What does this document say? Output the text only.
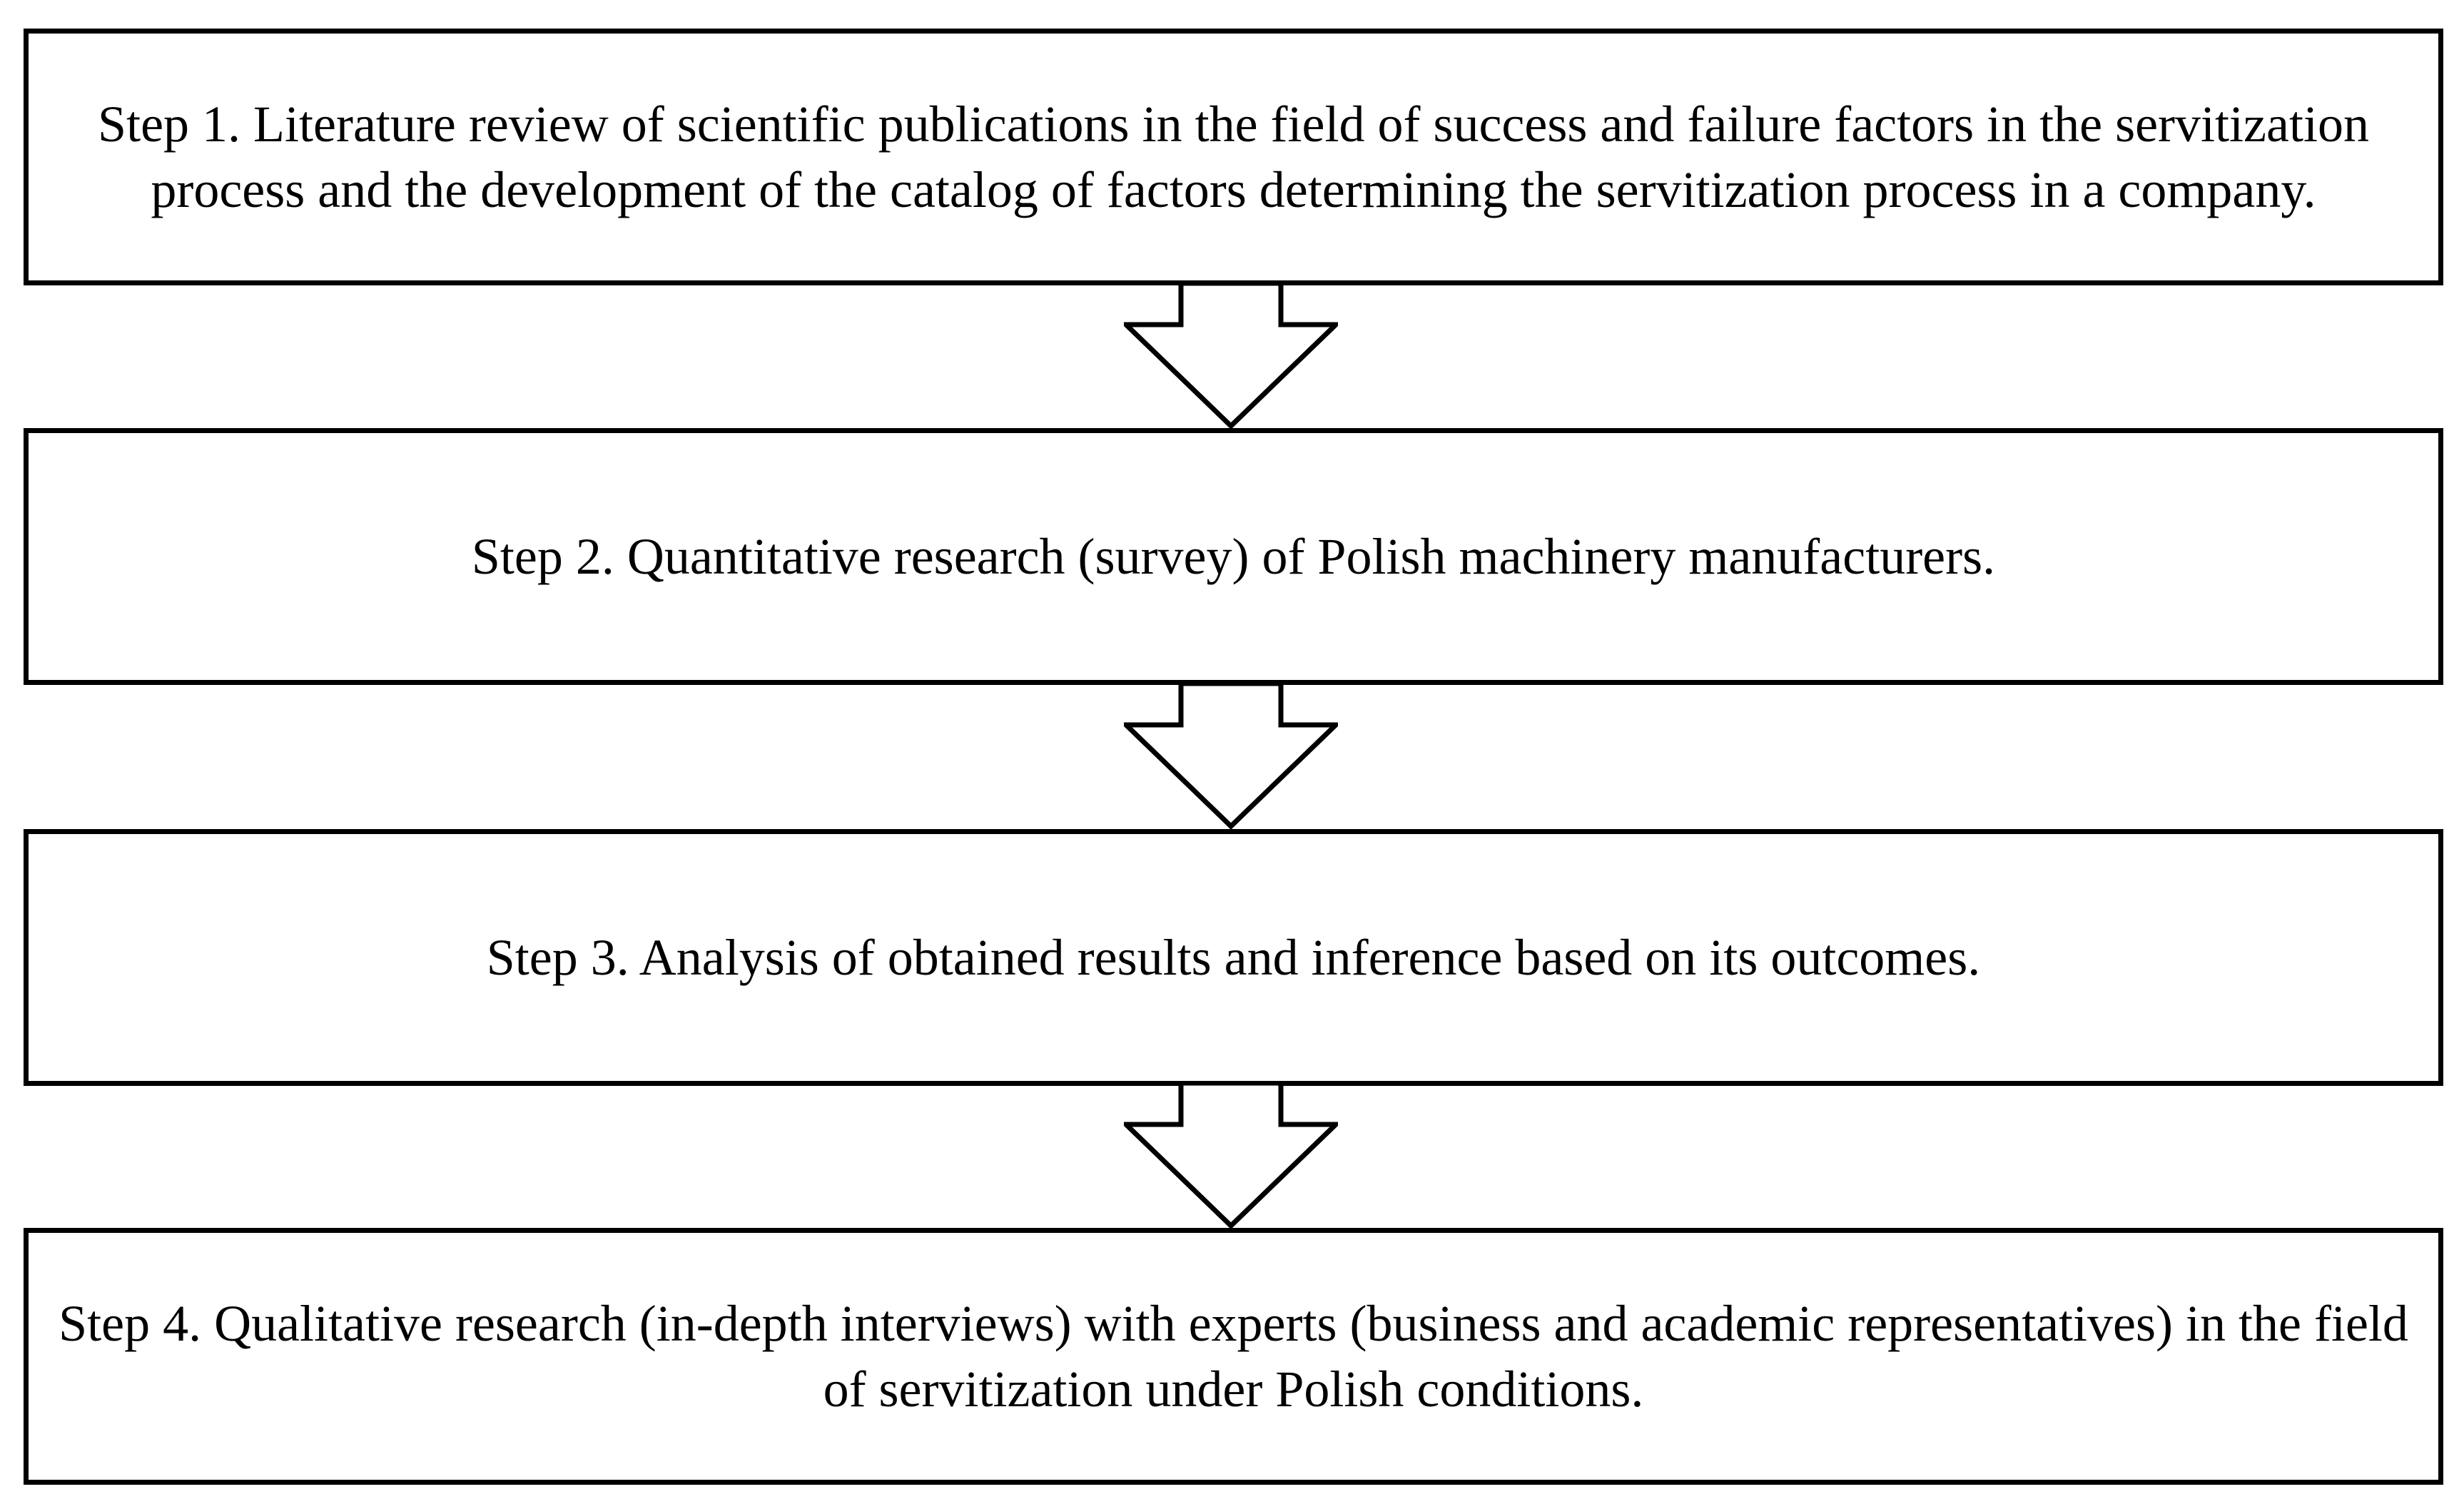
Step 1. Literature review of scientific publications in the field of success and failure factors in the servitization process and the development of the catalog of factors determining the servitization process in a company.
Step 2. Quantitative research (survey) of Polish machinery manufacturers.
Step 3. Analysis of obtained results and inference based on its outcomes.
Step 4. Qualitative research (in-depth interviews) with experts (business and academic representatives) in the field of servitization under Polish conditions.
